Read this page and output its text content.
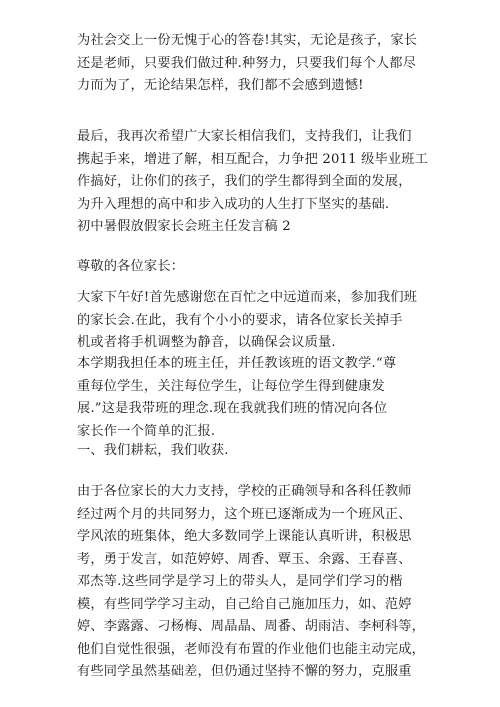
为社会交上一份无愧于心的答卷!其实，无论是孩子，家长
还是老师，只要我们做过种.种努力，只要我们每个人都尽
力而为了，无论结果怎样，我们都不会感到遗憾!
最后，我再次希望广大家长相信我们，支持我们，让我们
携起手来，增进了解，相互配合，力争把 2011 级毕业班工
作搞好，让你们的孩子，我们的学生都得到全面的发展，
为升入理想的高中和步入成功的人生打下坚实的基础.
初中暑假放假家长会班主任发言稿 2
尊敬的各位家长：
大家下午好!首先感谢您在百忙之中远道而来，参加我们班
的家长会.在此，我有个小小的要求，请各位家长关掉手
机或者将手机调整为静音，以确保会议质量.
本学期我担任本的班主任，并任教该班的语文教学.“尊
重每位学生，关注每位学生，让每位学生得到健康发
展.”这是我带班的理念.现在我就我们班的情况向各位
家长作一个简单的汇报.
一、我们耕耘，我们收获.
由于各位家长的大力支持，学校的正确领导和各科任教师
经过两个月的共同努力，这个班已逐渐成为一个班风正、
学风浓的班集体，绝大多数同学上课能认真听讲，积极思
考，勇于发言，如范婷婷、周香、覃玉、余露、王春喜、
邓杰等.这些同学是学习上的带头人，是同学们学习的楷
模，有些同学学习主动，自己给自己施加压力，如、范婷
婷、李露露、刁杨梅、周晶晶、周番、胡雨洁、李柯科等，
他们自觉性很强，老师没有布置的作业他们也能主动完成，
有些同学虽然基础差，但仍通过坚持不懈的努力，克服重
